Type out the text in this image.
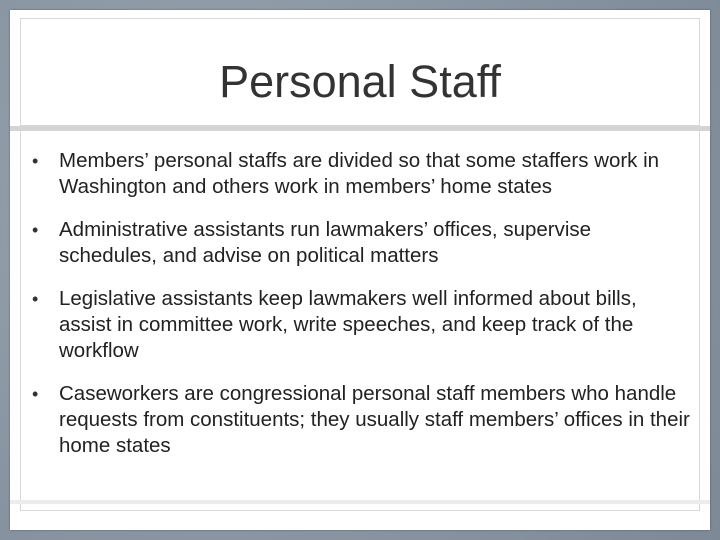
Personal Staff
• Members’ personal staffs are divided so that some staffers work in Washington and others work in members’ home states
• Administrative assistants run lawmakers’ offices, supervise schedules, and advise on political matters
• Legislative assistants keep lawmakers well informed about bills, assist in committee work, write speeches, and keep track of the workflow
• Caseworkers are congressional personal staff members who handle requests from constituents; they usually staff members’ offices in their home states
